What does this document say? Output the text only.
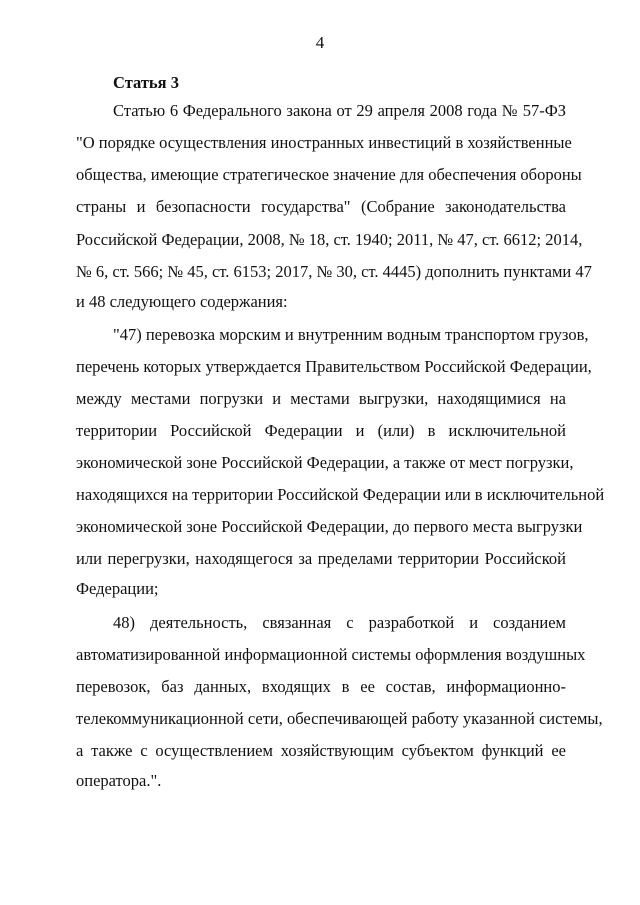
4
Статья 3
Статью 6 Федерального закона от 29 апреля 2008 года № 57-ФЗ
"О порядке осуществления иностранных инвестиций в хозяйственные
общества, имеющие стратегическое значение для обеспечения обороны
страны и безопасности государства" (Собрание законодательства
Российской Федерации, 2008, № 18, ст. 1940; 2011, № 47, ст. 6612; 2014,
№ 6, ст. 566; № 45, ст. 6153; 2017, № 30, ст. 4445) дополнить пунктами 47
и 48 следующего содержания:
"47) перевозка морским и внутренним водным транспортом грузов,
перечень которых утверждается Правительством Российской Федерации,
между местами погрузки и местами выгрузки, находящимися на
территории Российской Федерации и (или) в исключительной
экономической зоне Российской Федерации, а также от мест погрузки,
находящихся на территории Российской Федерации или в исключительной
экономической зоне Российской Федерации, до первого места выгрузки
или перегрузки, находящегося за пределами территории Российской
Федерации;
48) деятельность, связанная с разработкой и созданием
автоматизированной информационной системы оформления воздушных
перевозок, баз данных, входящих в ее состав, информационно-
телекоммуникационной сети, обеспечивающей работу указанной системы,
а также с осуществлением хозяйствующим субъектом функций ее
оператора.".
